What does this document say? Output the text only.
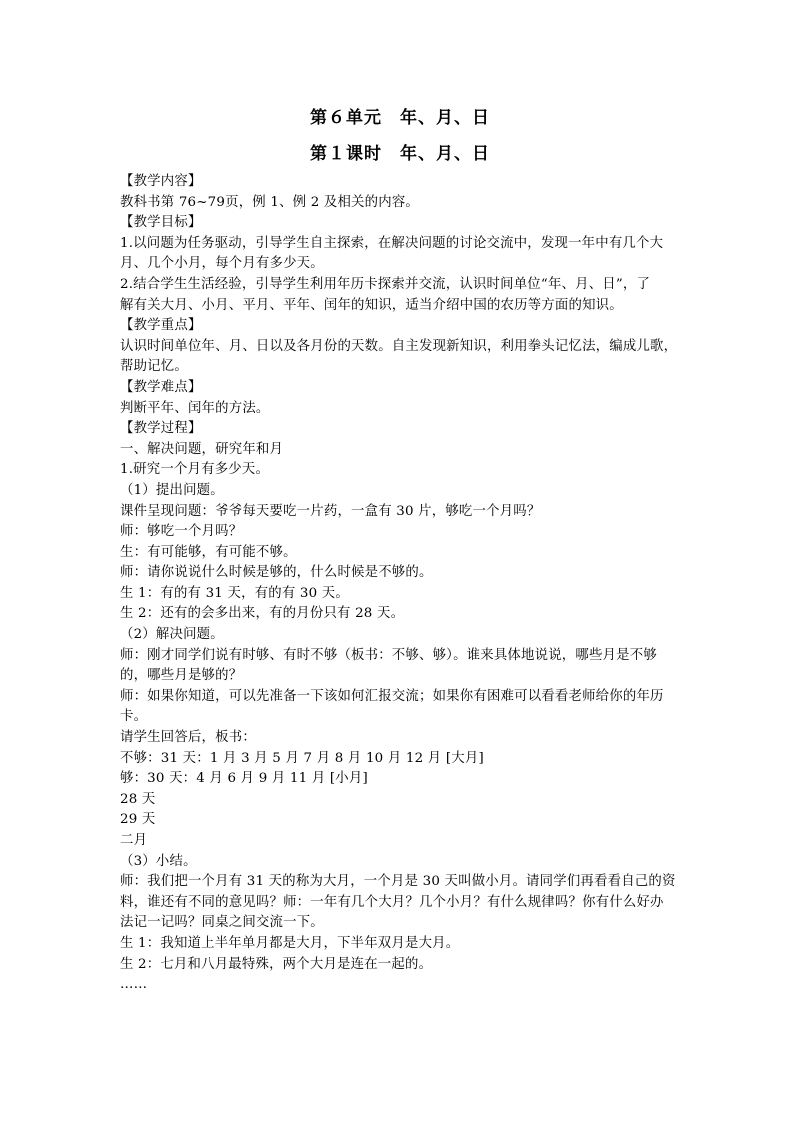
第６单元　年、月、日
第１课时　年、月、日
【教学内容】
教科书第 76~79页，例 1、例 2 及相关的内容。
【教学目标】
1.以问题为任务驱动，引导学生自主探索，在解决问题的讨论交流中，发现一年中有几个大
月、几个小月，每个月有多少天。
2.结合学生生活经验，引导学生利用年历卡探索并交流，认识时间单位“年、月、日”，了
解有关大月、小月、平月、平年、闰年的知识，适当介绍中国的农历等方面的知识。
【教学重点】
认识时间单位年、月、日以及各月份的天数。自主发现新知识，利用拳头记忆法，编成儿歌，
帮助记忆。
【教学难点】
判断平年、闰年的方法。
【教学过程】
一、解决问题，研究年和月
1.研究一个月有多少天。
（1）提出问题。
课件呈现问题：爷爷每天要吃一片药，一盒有 30 片，够吃一个月吗？
师：够吃一个月吗？
生：有可能够，有可能不够。
师：请你说说什么时候是够的，什么时候是不够的。
生 1：有的有 31 天，有的有 30 天。
生 2：还有的会多出来，有的月份只有 28 天。
（2）解决问题。
师：刚才同学们说有时够、有时不够（板书：不够、够）。谁来具体地说说，哪些月是不够
的，哪些月是够的？
师：如果你知道，可以先准备一下该如何汇报交流；如果你有困难可以看看老师给你的年历
卡。
请学生回答后，板书：
不够：31 天：1 月 3 月 5 月 7 月 8 月 10 月 12 月 [大月]
够：30 天：4 月 6 月 9 月 11 月 [小月]
28 天
29 天
二月
（3）小结。
师：我们把一个月有 31 天的称为大月，一个月是 30 天叫做小月。请同学们再看看自己的资
料，谁还有不同的意见吗？师：一年有几个大月？几个小月？有什么规律吗？你有什么好办
法记一记吗？同桌之间交流一下。
生 1：我知道上半年单月都是大月，下半年双月是大月。
生 2：七月和八月最特殊，两个大月是连在一起的。
……
